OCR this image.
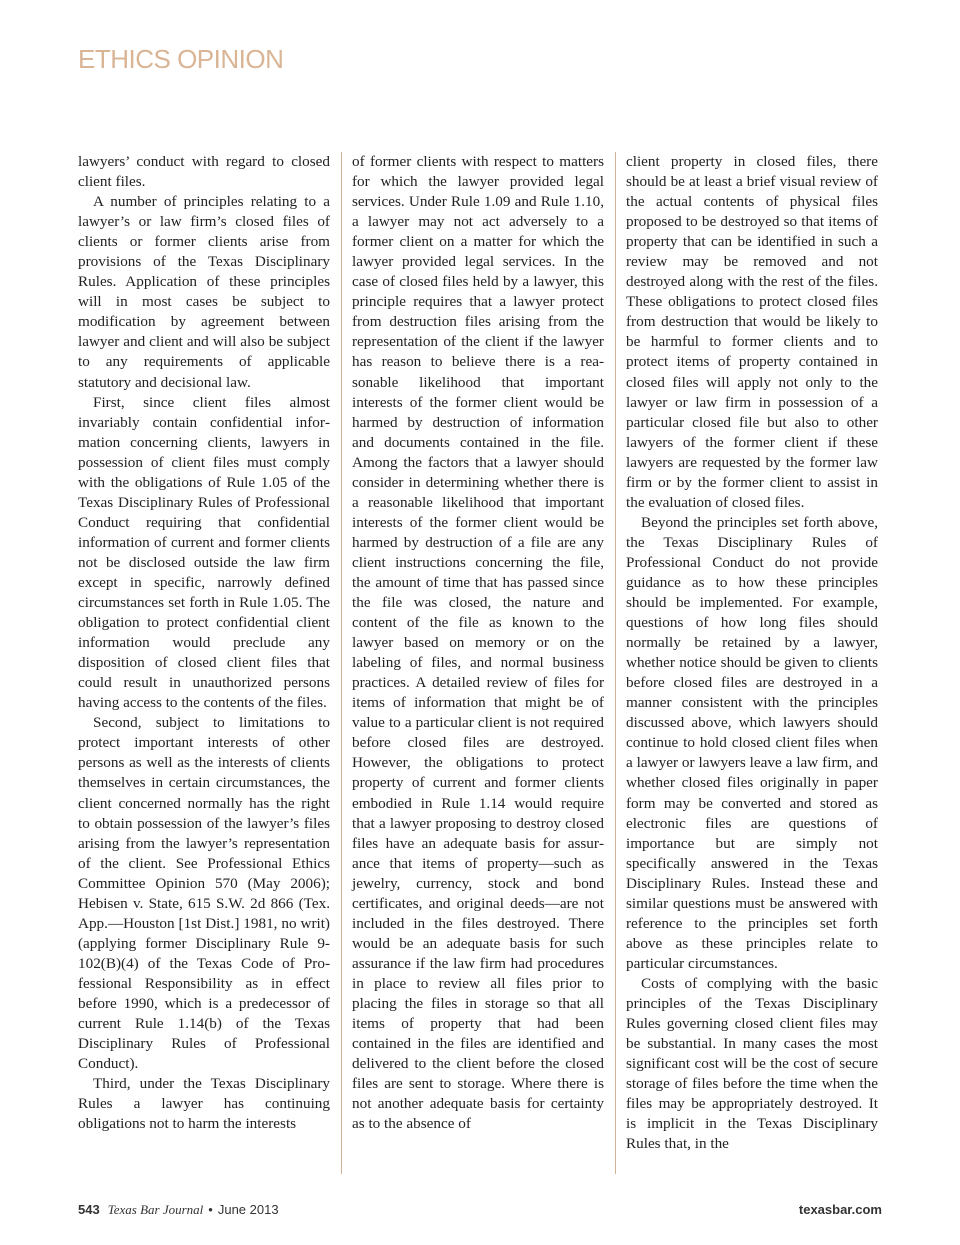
ETHICS OPINION

lawyers’ conduct with regard to closed client files.

A number of principles relating to a lawyer’s or law firm’s closed files of clients or former clients arise from provisions of the Texas Disciplinary Rules. Application of these principles will in most cases be subject to modification by agreement between lawyer and client and will also be subject to any requirements of applicable statutory and decisional law.

First, since client files almost invariably contain confidential information concerning clients, lawyers in possession of client files must comply with the obligations of Rule 1.05 of the Texas Disciplinary Rules of Professional Conduct requiring that confidential information of current and former clients not be disclosed outside the law firm except in specific, narrowly defined circumstances set forth in Rule 1.05. The obligation to protect confidential client information would preclude any disposition of closed client files that could result in unauthorized persons having access to the contents of the files.

Second, subject to limitations to protect important interests of other persons as well as the interests of clients themselves in certain circumstances, the client concerned normally has the right to obtain possession of the lawyer’s files arising from the lawyer’s representation of the client. See Professional Ethics Committee Opinion 570 (May 2006); Hebisen v. State, 615 S.W. 2d 866 (Tex. App.—Houston [1st Dist.] 1981, no writ) (applying former Disciplinary Rule 9-102(B)(4) of the Texas Code of Professional Responsibility as in effect before 1990, which is a predecessor of current Rule 1.14(b) of the Texas Disciplinary Rules of Professional Conduct).

Third, under the Texas Disciplinary Rules a lawyer has continuing obligations not to harm the interests

of former clients with respect to matters for which the lawyer provided legal services. Under Rule 1.09 and Rule 1.10, a lawyer may not act adversely to a former client on a matter for which the lawyer provided legal services. In the case of closed files held by a lawyer, this principle requires that a lawyer protect from destruction files arising from the representation of the client if the lawyer has reason to believe there is a reasonable likelihood that important interests of the former client would be harmed by destruction of information and documents contained in the file. Among the factors that a lawyer should consider in determining whether there is a reasonable likelihood that important interests of the former client would be harmed by destruction of a file are any client instructions concerning the file, the amount of time that has passed since the file was closed, the nature and content of the file as known to the lawyer based on memory or on the labeling of files, and normal business practices. A detailed review of files for items of information that might be of value to a particular client is not required before closed files are destroyed. However, the obligations to protect property of current and former clients embodied in Rule 1.14 would require that a lawyer proposing to destroy closed files have an adequate basis for assurance that items of property—such as jewelry, currency, stock and bond certificates, and original deeds—are not included in the files destroyed. There would be an adequate basis for such assurance if the law firm had procedures in place to review all files prior to placing the files in storage so that all items of property that had been contained in the files are identified and delivered to the client before the closed files are sent to storage. Where there is not another adequate basis for certainty as to the absence of

client property in closed files, there should be at least a brief visual review of the actual contents of physical files proposed to be destroyed so that items of property that can be identified in such a review may be removed and not destroyed along with the rest of the files. These obligations to protect closed files from destruction that would be likely to be harmful to former clients and to protect items of property contained in closed files will apply not only to the lawyer or law firm in possession of a particular closed file but also to other lawyers of the former client if these lawyers are requested by the former law firm or by the former client to assist in the evaluation of closed files.

Beyond the principles set forth above, the Texas Disciplinary Rules of Professional Conduct do not provide guidance as to how these principles should be implemented. For example, questions of how long files should normally be retained by a lawyer, whether notice should be given to clients before closed files are destroyed in a manner consistent with the principles discussed above, which lawyers should continue to hold closed client files when a lawyer or lawyers leave a law firm, and whether closed files originally in paper form may be converted and stored as electronic files are questions of importance but are simply not specifically answered in the Texas Disciplinary Rules. Instead these and similar questions must be answered with reference to the principles set forth above as these principles relate to particular circumstances.

Costs of complying with the basic principles of the Texas Disciplinary Rules governing closed client files may be substantial. In many cases the most significant cost will be the cost of secure storage of files before the time when the files may be appropriately destroyed. It is implicit in the Texas Disciplinary Rules that, in the

543 Texas Bar Journal • June 2013	texasbar.com
